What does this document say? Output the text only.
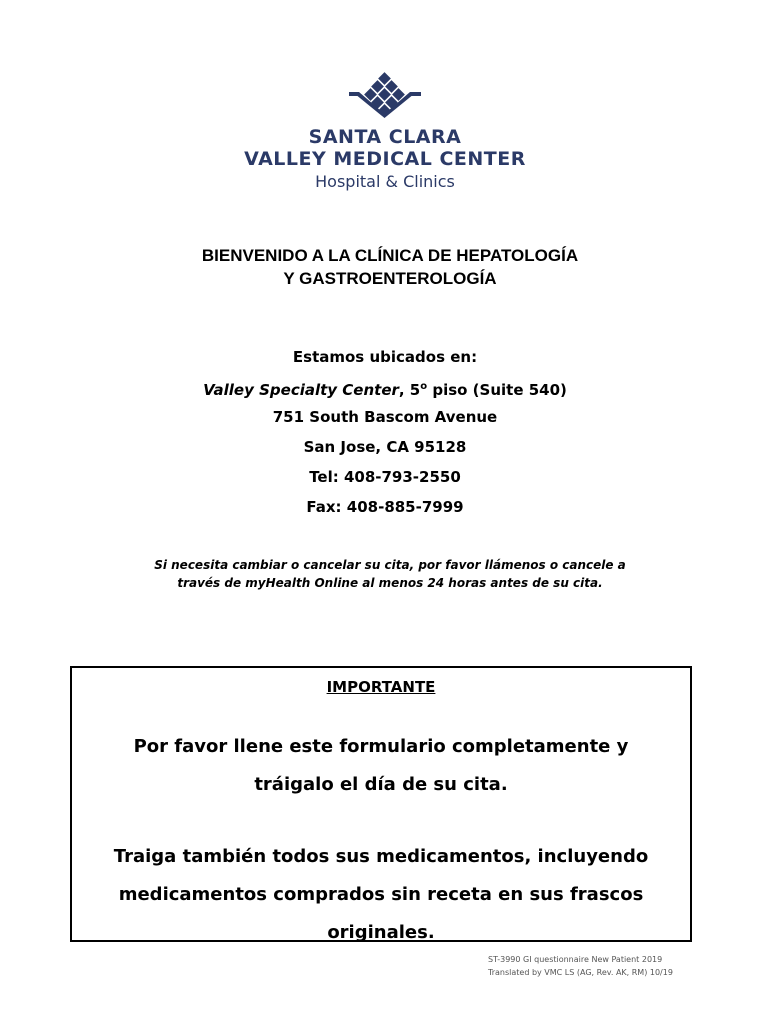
SANTA CLARA
VALLEY MEDICAL CENTER
Hospital & Clinics
BIENVENIDO A LA CLÍNICA DE HEPATOLOGÍA
Y GASTROENTEROLOGÍA
Estamos ubicados en:
Valley Specialty Center, 5$^o$ piso (Suite 540)
751 South Bascom Avenue
San Jose, CA 95128
Tel: 408-793-2550
Fax: 408-885-7999
Si necesita cambiar o cancelar su cita, por favor llámenos o cancele a
través de myHealth Online al menos 24 horas antes de su cita.
IMPORTANTE
Por favor llene este formulario completamente y
tráigalo el día de su cita.
Traiga también todos sus medicamentos, incluyendo
medicamentos comprados sin receta en sus frascos originales.
ST-3990 GI questionnaire New Patient 2019
Translated by VMC LS (AG, Rev. AK, RM) 10/19
